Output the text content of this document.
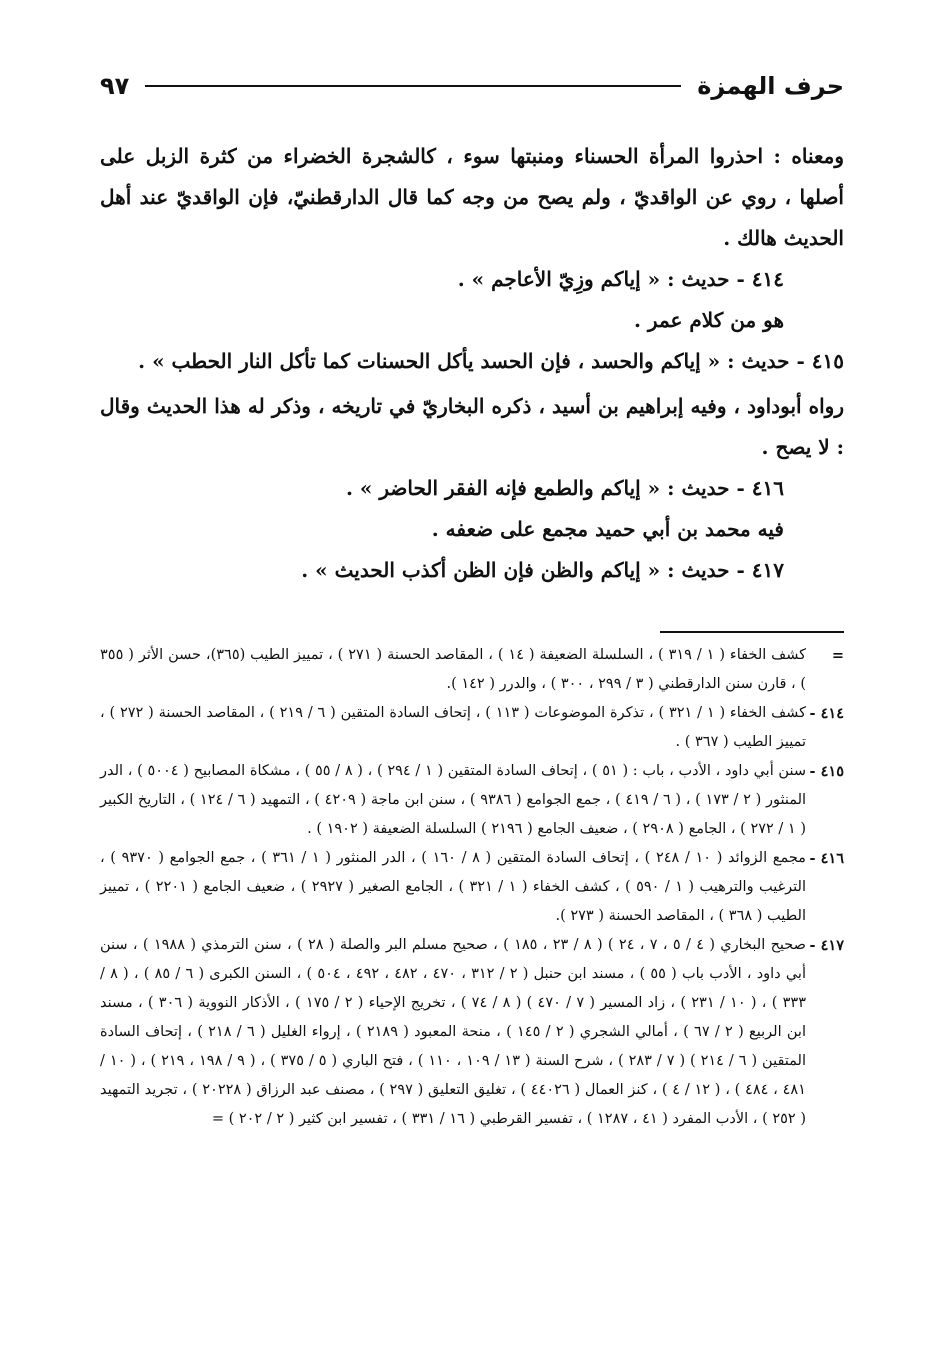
حرف الهمزة
٩٧

ومعناه : احذروا المرأة الحسناء ومنبتها سوء ، كالشجرة الخضراء من كثرة الزبل على أصلها ، روي عن الواقديّ ، ولم يصح من وجه كما قال الدارقطنيّ، فإن الواقديّ عند أهل الحديث هالك .

٤١٤ - حديث : « إياكم وزِيّ الأعاجم » .

هو من كلام عمر .

٤١٥ - حديث : « إياكم والحسد ، فإن الحسد يأكل الحسنات كما تأكل النار الحطب » .

رواه أبوداود ، وفيه إبراهيم بن أسيد ، ذكره البخاريّ في تاريخه ، وذكر له هذا الحديث وقال : لا يصح .

٤١٦ - حديث : « إياكم والطمع فإنه الفقر الحاضر » .

فيه محمد بن أبي حميد مجمع على ضعفه .

٤١٧ - حديث : « إياكم والظن فإن الظن أكذب الحديث » .

=
كشف الخفاء ( ١ / ٣١٩ ) ، السلسلة الضعيفة ( ١٤ ) ، المقاصد الحسنة ( ٢٧١ ) ، تمييز الطيب (٣٦٥)، حسن الأثر ( ٣٥٥ ) ، قارن سنن الدارقطني ( ٣ / ٢٩٩ ، ٣٠٠ ) ، والدرر ( ١٤٢ ).
٤١٤ -
كشف الخفاء ( ١ / ٣٢١ ) ، تذكرة الموضوعات ( ١١٣ ) ، إتحاف السادة المتقين ( ٦ / ٢١٩ ) ، المقاصد الحسنة ( ٢٧٢ ) ، تمييز الطيب ( ٣٦٧ ) .
٤١٥ -
سنن أبي داود ، الأدب ، باب : ( ٥١ ) ، إتحاف السادة المتقين ( ١ / ٢٩٤ ) ، ( ٨ / ٥٥ ) ، مشكاة المصابيح ( ٥٠٠٤ ) ، الدر المنثور ( ٢ / ١٧٣ ) ، ( ٦ / ٤١٩ ) ، جمع الجوامع ( ٩٣٨٦ ) ، سنن ابن ماجة ( ٤٢٠٩ ) ، التمهيد ( ٦ / ١٢٤ ) ، التاريخ الكبير ( ١ / ٢٧٢ ) ، الجامع ( ٢٩٠٨ ) ، ضعيف الجامع ( ٢١٩٦ ) السلسلة الضعيفة ( ١٩٠٢ ) .
٤١٦ -
مجمع الزوائد ( ١٠ / ٢٤٨ ) ، إتحاف السادة المتقين ( ٨ / ١٦٠ ) ، الدر المنثور ( ١ / ٣٦١ ) ، جمع الجوامع ( ٩٣٧٠ ) ، الترغيب والترهيب ( ١ / ٥٩٠ ) ، كشف الخفاء ( ١ / ٣٢١ ) ، الجامع الصغير ( ٢٩٢٧ ) ، ضعيف الجامع ( ٢٢٠١ ) ، تمييز الطيب ( ٣٦٨ ) ، المقاصد الحسنة ( ٢٧٣ ).
٤١٧ -
صحيح البخاري ( ٤ / ٥ ، ٧ ، ٢٤ ) ( ٨ / ٢٣ ، ١٨٥ ) ، صحيح مسلم البر والصلة ( ٢٨ ) ، سنن الترمذي ( ١٩٨٨ ) ، سنن أبي داود ، الأدب باب ( ٥٥ ) ، مسند ابن حنبل ( ٢ / ٣١٢ ، ٤٧٠ ، ٤٨٢ ، ٤٩٢ ، ٥٠٤ ) ، السنن الكبرى ( ٦ / ٨٥ ) ، ( ٨ / ٣٣٣ ) ، ( ١٠ / ٢٣١ ) ، زاد المسير ( ٧ / ٤٧٠ ) ( ٨ / ٧٤ ) ، تخريج الإحياء ( ٢ / ١٧٥ ) ، الأذكار النووية ( ٣٠٦ ) ، مسند ابن الربيع ( ٢ / ٦٧ ) ، أمالي الشجري ( ٢ / ١٤٥ ) ، منحة المعبود ( ٢١٨٩ ) ، إرواء الغليل ( ٦ / ٢١٨ ) ، إتحاف السادة المتقين ( ٦ / ٢١٤ ) ( ٧ / ٢٨٣ ) ، شرح السنة ( ١٣ / ١٠٩ ، ١١٠ ) ، فتح الباري ( ٥ / ٣٧٥ ) ، ( ٩ / ١٩٨ ، ٢١٩ ) ، ( ١٠ / ٤٨١ ، ٤٨٤ ) ، ( ١٢ / ٤ ) ، كنز العمال ( ٤٤٠٢٦ ) ، تغليق التعليق ( ٢٩٧ ) ، مصنف عبد الرزاق ( ٢٠٢٢٨ ) ، تجريد التمهيد ( ٢٥٢ ) ، الأدب المفرد ( ٤١ ، ١٢٨٧ ) ، تفسير القرطبي ( ١٦ / ٣٣١ ) ، تفسير ابن كثير ( ٢ / ٢٠٢ ) =
